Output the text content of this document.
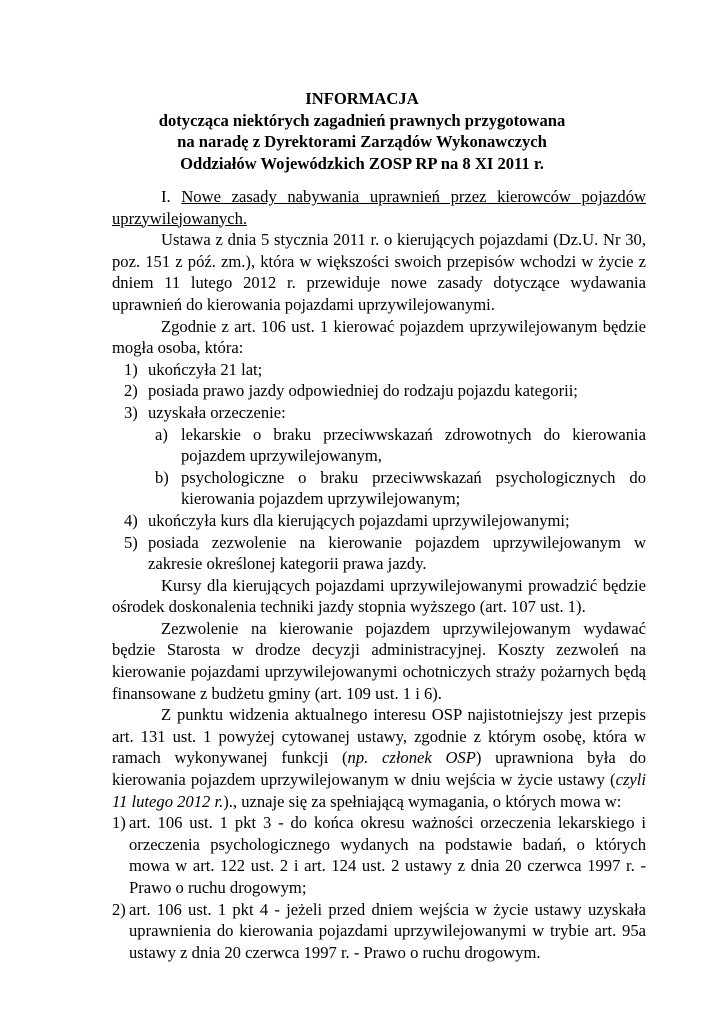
INFORMACJA
dotycząca niektórych zagadnień prawnych przygotowana
na naradę z Dyrektorami Zarządów Wykonawczych
Oddziałów Wojewódzkich ZOSP RP na 8 XI 2011 r.

I. Nowe zasady nabywania uprawnień przez kierowców pojazdów uprzywilejowanych.

Ustawa z dnia 5 stycznia 2011 r. o kierujących pojazdami (Dz.U. Nr 30, poz. 151 z póź. zm.), która w większości swoich przepisów wchodzi w życie z dniem 11 lutego 2012 r. przewiduje nowe zasady dotyczące wydawania uprawnień do kierowania pojazdami uprzywilejowanymi.

Zgodnie z art. 106 ust. 1 kierować pojazdem uprzywilejowanym będzie mogła osoba, która:

1) ukończyła 21 lat;

2) posiada prawo jazdy odpowiedniej do rodzaju pojazdu kategorii;

3) uzyskała orzeczenie:

a) lekarskie o braku przeciwwskazań zdrowotnych do kierowania pojazdem uprzywilejowanym,

b) psychologiczne o braku przeciwwskazań psychologicznych do kierowania pojazdem uprzywilejowanym;

4) ukończyła kurs dla kierujących pojazdami uprzywilejowanymi;

5) posiada zezwolenie na kierowanie pojazdem uprzywilejowanym w zakresie określonej kategorii prawa jazdy.

Kursy dla kierujących pojazdami uprzywilejowanymi prowadzić będzie ośrodek doskonalenia techniki jazdy stopnia wyższego (art. 107 ust. 1).

Zezwolenie na kierowanie pojazdem uprzywilejowanym wydawać będzie Starosta w drodze decyzji administracyjnej. Koszty zezwoleń na kierowanie pojazdami uprzywilejowanymi ochotniczych straży pożarnych będą finansowane z budżetu gminy (art. 109 ust. 1 i 6).

Z punktu widzenia aktualnego interesu OSP najistotniejszy jest przepis art. 131 ust. 1 powyżej cytowanej ustawy, zgodnie z którym osobę, która w ramach wykonywanej funkcji (np. członek OSP) uprawniona była do kierowania pojazdem uprzywilejowanym w dniu wejścia w życie ustawy (czyli 11 lutego 2012 r.)., uznaje się za spełniającą wymagania, o których mowa w:

1) art. 106 ust. 1 pkt 3 - do końca okresu ważności orzeczenia lekarskiego i orzeczenia psychologicznego wydanych na podstawie badań, o których mowa w art. 122 ust. 2 i art. 124 ust. 2 ustawy z dnia 20 czerwca 1997 r. - Prawo o ruchu drogowym;

2) art. 106 ust. 1 pkt 4 - jeżeli przed dniem wejścia w życie ustawy uzyskała uprawnienia do kierowania pojazdami uprzywilejowanymi w trybie art. 95a ustawy z dnia 20 czerwca 1997 r. - Prawo o ruchu drogowym.
